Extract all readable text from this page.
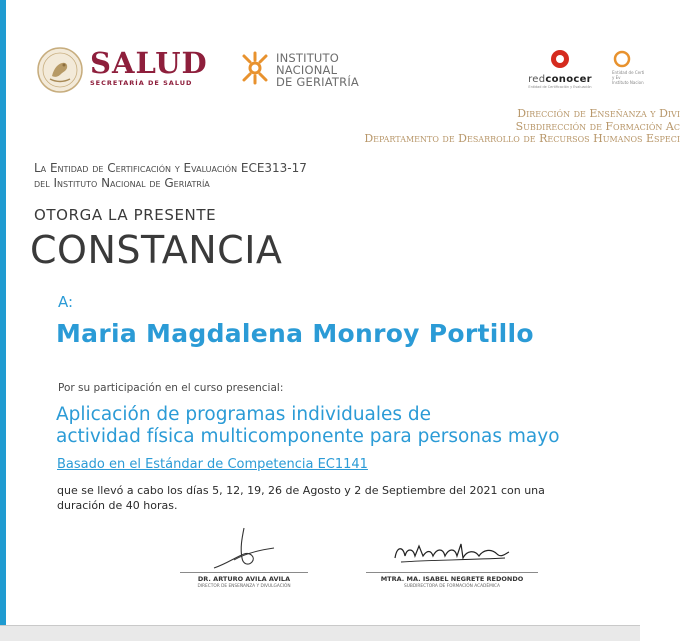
SALUD
SECRETARÍA DE SALUD
INSTITUTO
NACIONAL
DE GERIATRÍA	redconocer
Entidad de Certificación y Evaluación
Entidad de Certi
y Ev
Instituto Nacion
Dirección de Enseñanza y Divi
Subdirección de Formación Ac
Departamento de Desarrollo de Recursos Humanos Especi
La Entidad de Certificación y Evaluación ECE313-17
del Instituto Nacional de Geriatría
OTORGA LA PRESENTE
CONSTANCIA
A:
Maria Magdalena Monroy Portillo
Por su participación en el curso presencial:
Aplicación de programas individuales de
actividad física multicomponente para personas mayo
Basado en el Estándar de Competencia EC1141
que se llevó a cabo los días 5, 12, 19, 26 de Agosto y 2 de Septiembre del 2021 con una
duración de 40 horas.
DR. ARTURO AVILA AVILA
DIRECTOR DE ENSEÑANZA Y DIVULGACIÓN
MTRA. MA. ISABEL NEGRETE REDONDO
SUBDIRECTORA DE FORMACIÓN ACADÉMICA
